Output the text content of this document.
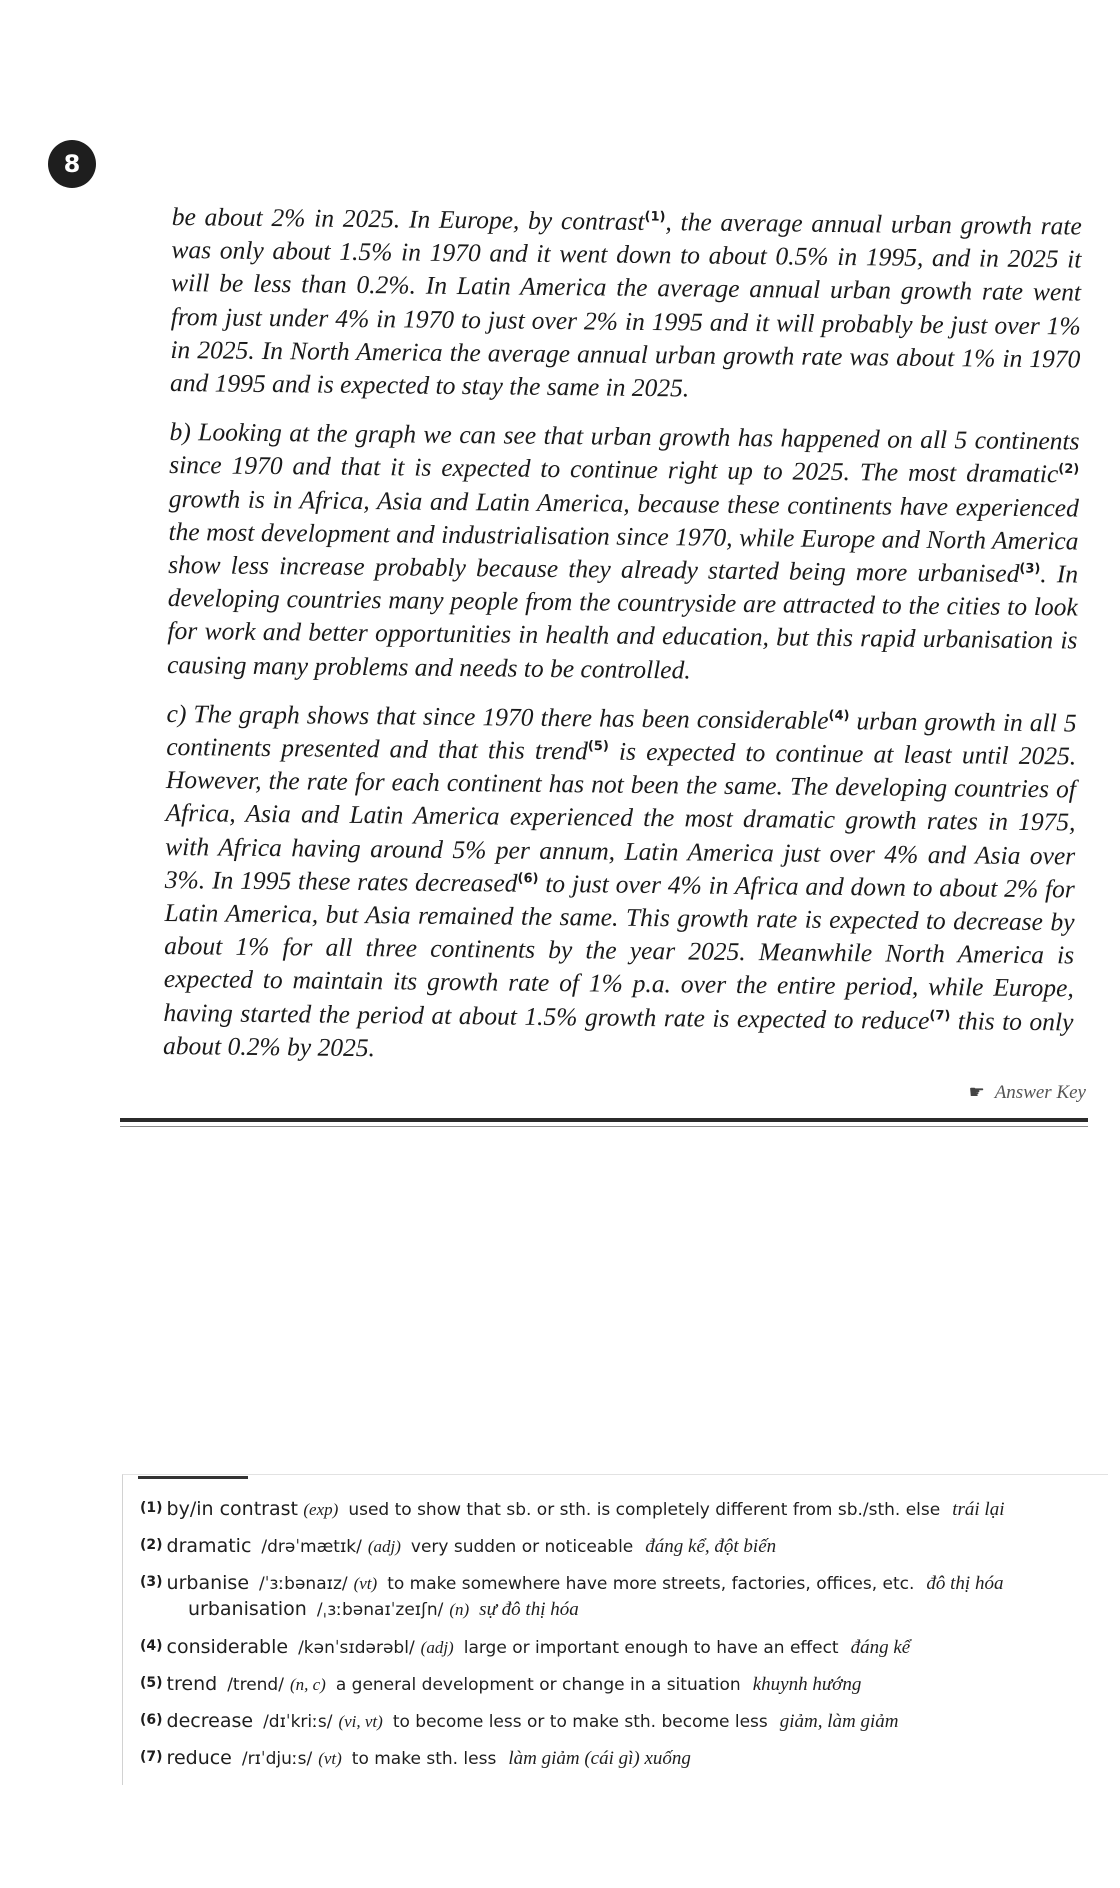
8

be about 2% in 2025. In Europe, by contrast$^{(1)}$, the average annual urban growth rate was only about 1.5% in 1970 and it went down to about 0.5% in 1995, and in 2025 it will be less than 0.2%. In Latin America the average annual urban growth rate went from just under 4% in 1970 to just over 2% in 1995 and it will probably be just over 1% in 2025. In North America the average annual urban growth rate was about 1% in 1970 and 1995 and is expected to stay the same in 2025.

b) Looking at the graph we can see that urban growth has happened on all 5 continents since 1970 and that it is expected to continue right up to 2025. The most dramatic$^{(2)}$ growth is in Africa, Asia and Latin America, because these continents have experienced the most development and industrialisation since 1970, while Europe and North America show less increase probably because they already started being more urbanised$^{(3)}$. In developing countries many people from the countryside are attracted to the cities to look for work and better opportunities in health and education, but this rapid urbanisation is causing many problems and needs to be controlled.

c) The graph shows that since 1970 there has been considerable$^{(4)}$ urban growth in all 5 continents presented and that this trend$^{(5)}$ is expected to continue at least until 2025. However, the rate for each continent has not been the same. The developing countries of Africa, Asia and Latin America experienced the most dramatic growth rates in 1975, with Africa having around 5% per annum, Latin America just over 4% and Asia over 3%. In 1995 these rates decreased$^{(6)}$ to just over 4% in Africa and down to about 2% for Latin America, but Asia remained the same. This growth rate is expected to decrease by about 1% for all three continents by the year 2025. Meanwhile North America is expected to maintain its growth rate of 1% p.a. over the entire period, while Europe, having started the period at about 1.5% growth rate is expected to reduce$^{(7)}$ this to only about 0.2% by 2025.

☛ Answer Key

(1) by/in contrast (exp) used to show that sb. or sth. is completely different from sb./sth. else trái lại

(2) dramatic /drəˈmætɪk/ (adj) very sudden or noticeable đáng kể, đột biến

(3) urbanise /ˈɜːbənaɪz/ (vt) to make somewhere have more streets, factories, offices, etc. đô thị hóa
urbanisation /ˌɜːbənaɪˈzeɪʃn/ (n) sự đô thị hóa

(4) considerable /kənˈsɪdərəbl/ (adj) large or important enough to have an effect đáng kể

(5) trend /trend/ (n, c) a general development or change in a situation khuynh hướng

(6) decrease /dɪˈkriːs/ (vi, vt) to become less or to make sth. become less giảm, làm giảm

(7) reduce /rɪˈdjuːs/ (vt) to make sth. less làm giảm (cái gì) xuống
